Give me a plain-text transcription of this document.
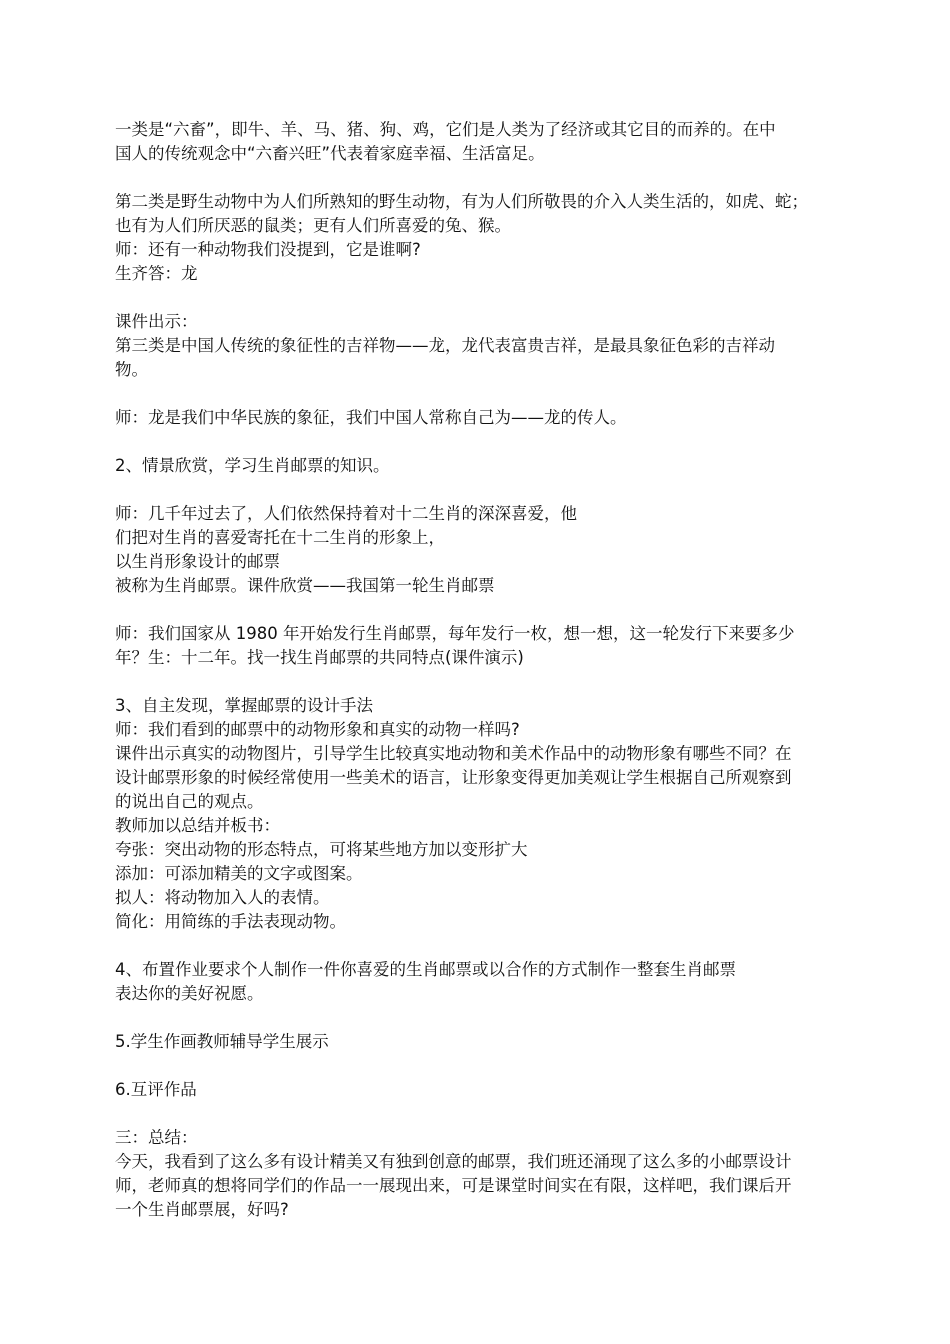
一类是“六畜”，即牛、羊、马、猪、狗、鸡，它们是人类为了经济或其它目的而养的。在中

国人的传统观念中“六畜兴旺”代表着家庭幸福、生活富足。

第二类是野生动物中为人们所熟知的野生动物，有为人们所敬畏的介入人类生活的，如虎、蛇；

也有为人们所厌恶的鼠类；更有人们所喜爱的兔、猴。

师：还有一种动物我们没提到，它是谁啊?

生齐答：龙

课件出示：

第三类是中国人传统的象征性的吉祥物——龙，龙代表富贵吉祥，是最具象征色彩的吉祥动

物。

师：龙是我们中华民族的象征，我们中国人常称自己为——龙的传人。

2、情景欣赏，学习生肖邮票的知识。

师：几千年过去了，人们依然保持着对十二生肖的深深喜爱，他

们把对生肖的喜爱寄托在十二生肖的形象上，

以生肖形象设计的邮票

被称为生肖邮票。课件欣赏——我国第一轮生肖邮票

师：我们国家从 1980 年开始发行生肖邮票，每年发行一枚，想一想，这一轮发行下来要多少

年？生：十二年。找一找生肖邮票的共同特点(课件演示)

3、自主发现，掌握邮票的设计手法

师：我们看到的邮票中的动物形象和真实的动物一样吗?

课件出示真实的动物图片，引导学生比较真实地动物和美术作品中的动物形象有哪些不同？在

设计邮票形象的时候经常使用一些美术的语言，让形象变得更加美观让学生根据自己所观察到

的说出自己的观点。

教师加以总结并板书：

夸张：突出动物的形态特点，可将某些地方加以变形扩大

添加：可添加精美的文字或图案。

拟人：将动物加入人的表情。

简化：用简练的手法表现动物。

4、布置作业要求个人制作一件你喜爱的生肖邮票或以合作的方式制作一整套生肖邮票

表达你的美好祝愿。

5.学生作画教师辅导学生展示

6.互评作品

三：总结：

今天，我看到了这么多有设计精美又有独到创意的邮票，我们班还涌现了这么多的小邮票设计

师，老师真的想将同学们的作品一一展现出来，可是课堂时间实在有限，这样吧，我们课后开

一个生肖邮票展，好吗?
